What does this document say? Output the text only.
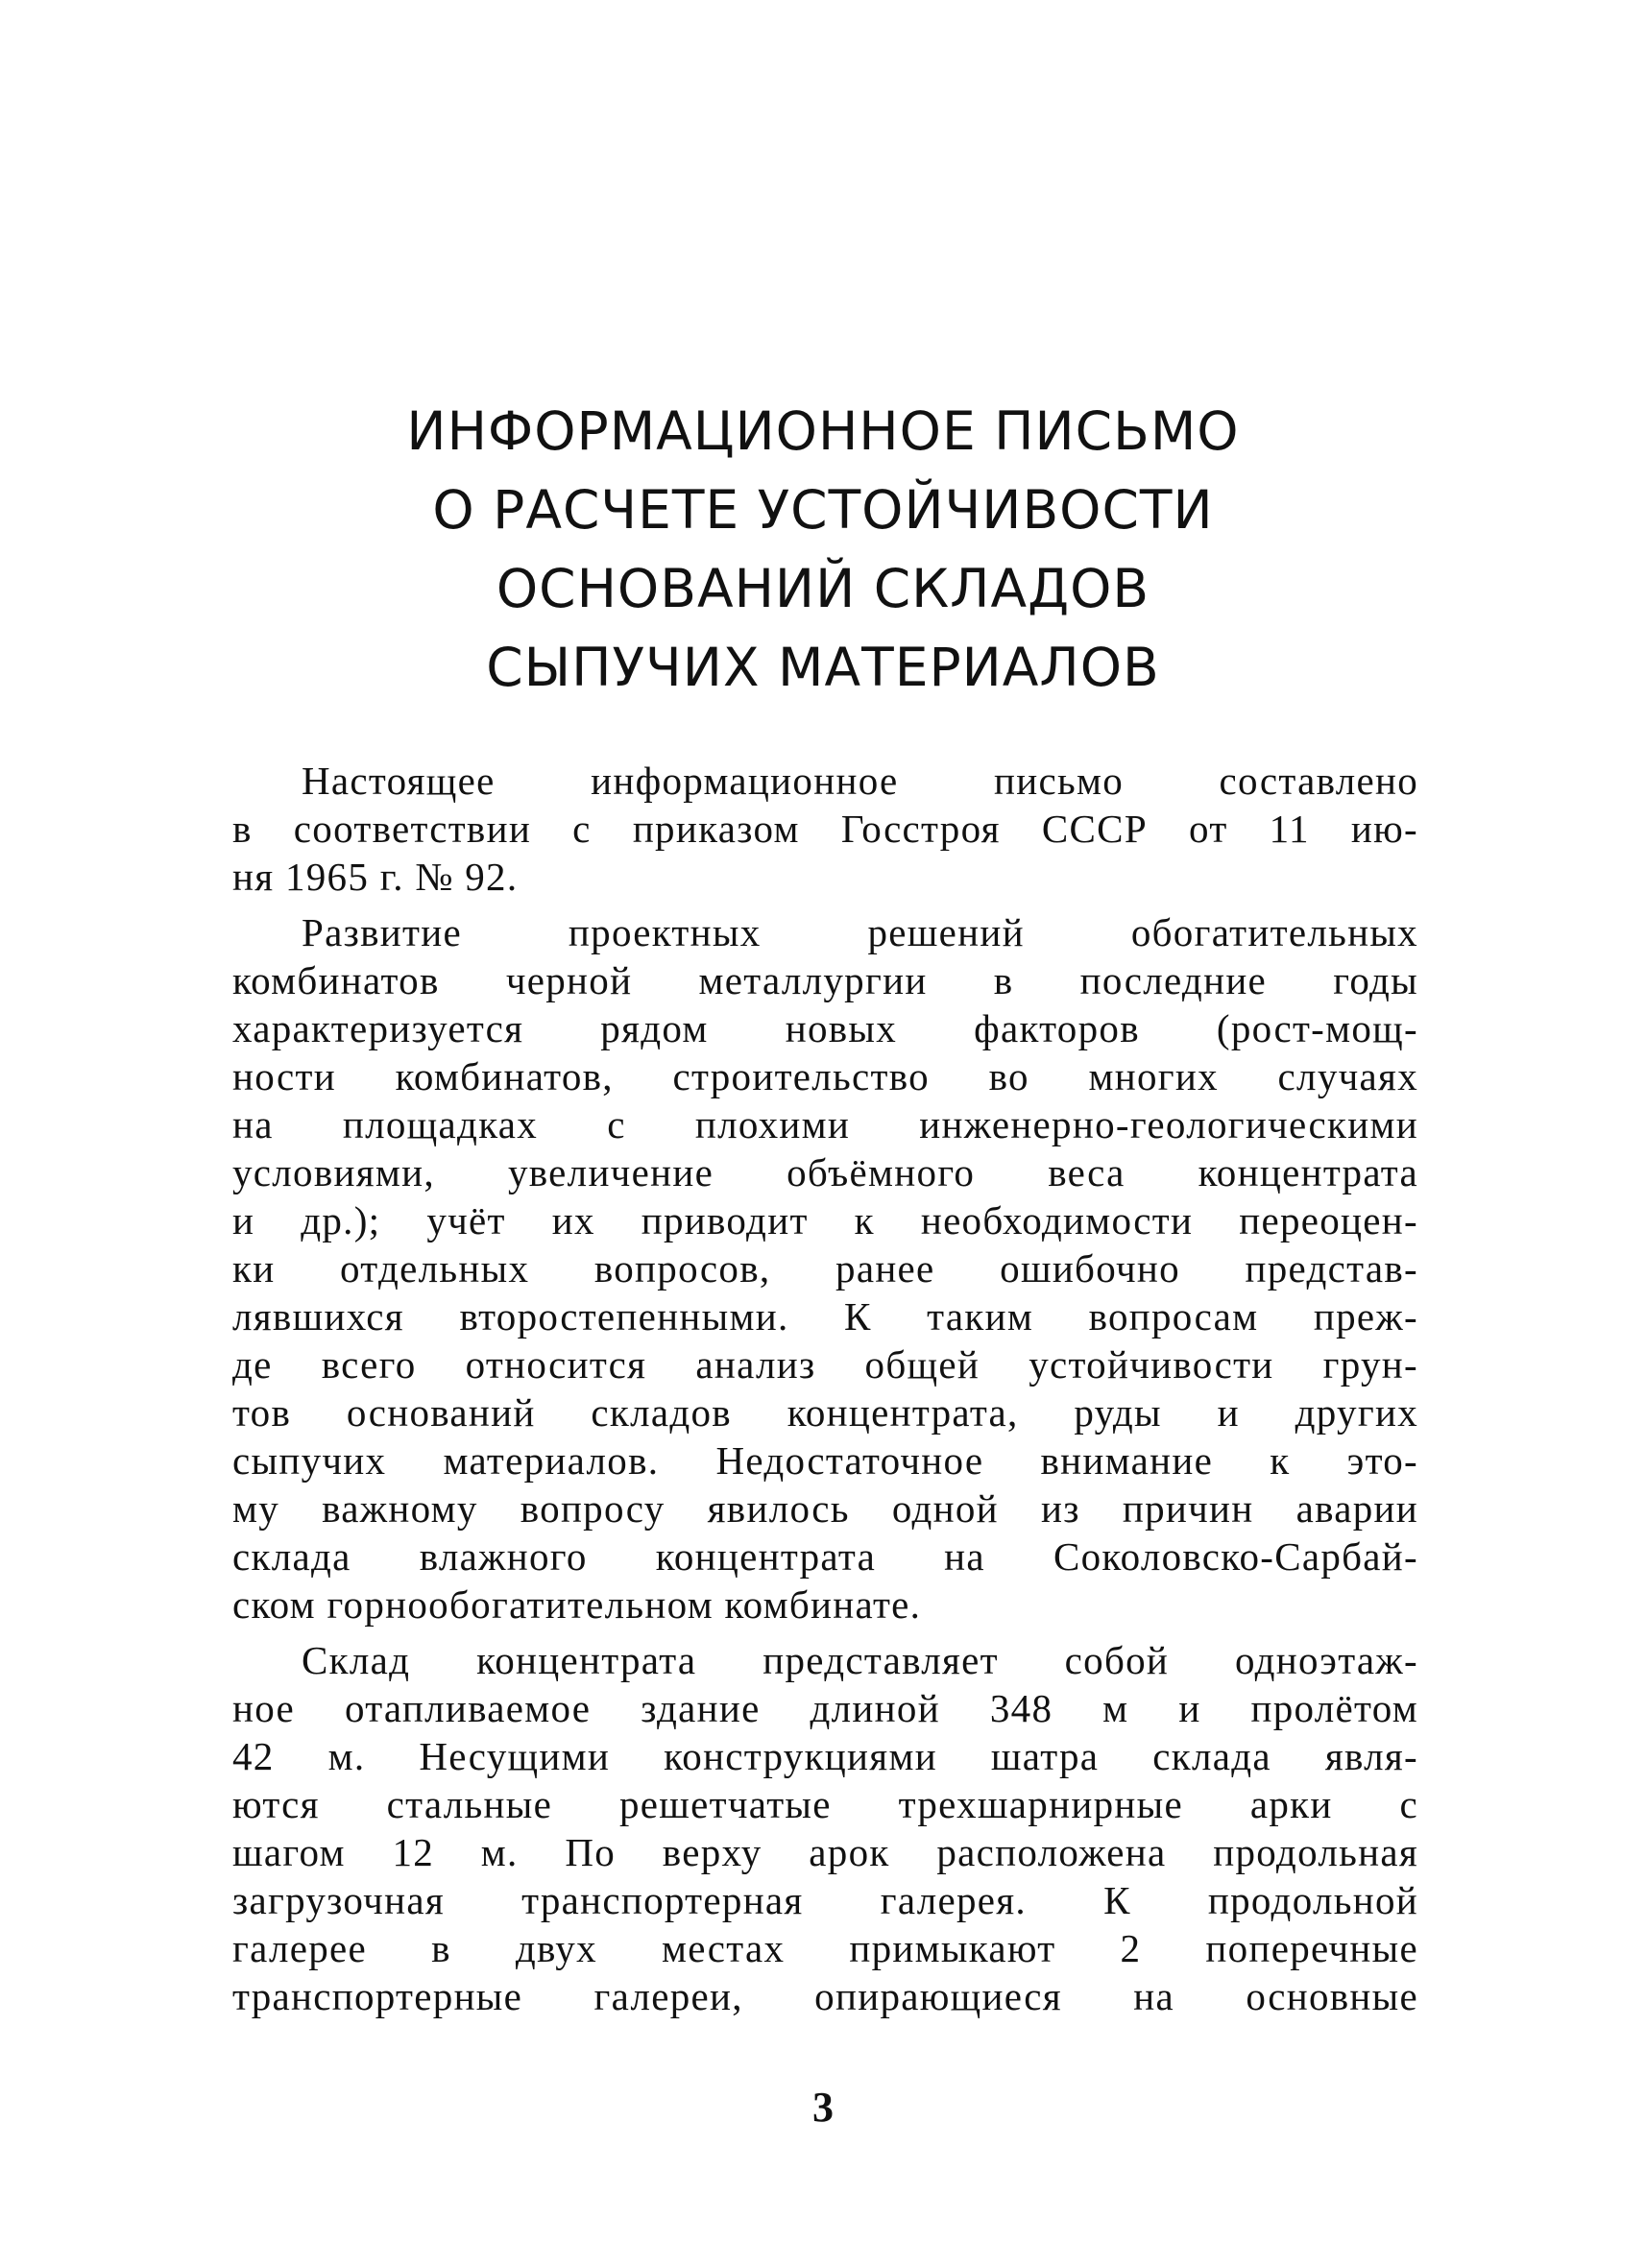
ИНФОРМАЦИОННОЕ ПИСЬМО
О РАСЧЕТЕ УСТОЙЧИВОСТИ
ОСНОВАНИЙ СКЛАДОВ
СЫПУЧИХ МАТЕРИАЛОВ
Настоящее информационное письмо составлено
в соответствии с приказом Госстроя СССР от 11 ию-
ня 1965 г. № 92.
Развитие проектных решений обогатительных
комбинатов черной металлургии в последние годы
характеризуется рядом новых факторов (рост-мощ-
ности комбинатов, строительство во многих случаях
на площадках с плохими инженерно-геологическими
условиями, увеличение объёмного веса концентрата
и др.); учёт их приводит к необходимости переоцен-
ки отдельных вопросов, ранее ошибочно представ-
лявшихся второстепенными. К таким вопросам преж-
де всего относится анализ общей устойчивости грун-
тов оснований складов концентрата, руды и других
сыпучих материалов. Недостаточное внимание к это-
му важному вопросу явилось одной из причин аварии
склада влажного концентрата на Соколовско-Сарбай-
ском горнообогатительном комбинате.
Склад концентрата представляет собой одноэтаж-
ное отапливаемое здание длиной 348 м и пролётом
42 м. Несущими конструкциями шатра склада явля-
ются стальные решетчатые трехшарнирные арки с
шагом 12 м. По верху арок расположена продольная
загрузочная транспортерная галерея. К продольной
галерее в двух местах примыкают 2 поперечные
транспортерные галереи, опирающиеся на основные
3
